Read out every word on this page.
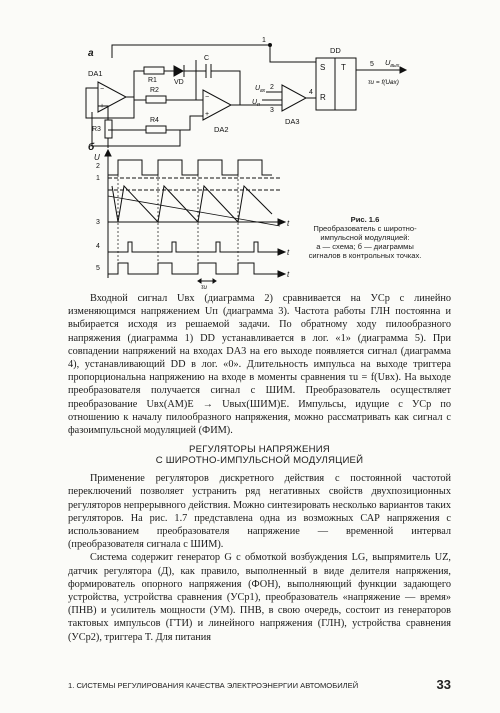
а
DA1
−
+
DA2
−
+
DA3
DD
S T
R
R1
R2
R3
R4
VD
C
1
2
3
4
5 $U_{вых}$
τu = f(Uвх)
$U_{вх}$
$U_п$
б
U
2
1
3	t
4
t
5
t
τu
Рис. 1.6
Преобразователь с широтно-импульсной модуляцией:
а — схема; б — диаграммы сигналов в контрольных точках.

Входной сигнал Uвх (диаграмма 2) сравнивается на УСр с линейно изменяющимся напряжением Uп (диаграмма 3). Частота работы ГЛН постоянна и выбирается исходя из решаемой задачи. По обратному ходу пилообразного напряжения (диаграмма 1) DD устанавливается в лог. «1» (диаграмма 5). При совпадении напряжений на входах DA3 на его выходе появляется сигнал (диаграмма 4), устанавливающий DD в лог. «0». Длительность импульса на выходе триггера пропорциональна напряжению на входе в моменты сравнения τu = f(Uвх). На выходе преобразователя получается сигнал с ШИМ. Преобразователь осуществляет преобразование Uвх(АМ)E → Uвых(ШИМ)E. Импульсы, идущие с УСр по отношению к началу пилообразного напряжения, можно рассматривать как сигнал с фазоимпульсной модуляцией (ФИМ).

РЕГУЛЯТОРЫ НАПРЯЖЕНИЯ
С ШИРОТНО-ИМПУЛЬСНОЙ МОДУЛЯЦИЕЙ

Применение регуляторов дискретного действия с постоянной частотой переключений позволяет устранить ряд негативных свойств двухпозиционных регуляторов непрерывного действия. Можно синтезировать несколько вариантов таких регуляторов. На рис. 1.7 представлена одна из возможных САР напряжения с использованием преобразователя напряжение — временной интервал (преобразователя сигнала с ШИМ).

Система содержит генератор G с обмоткой возбуждения LG, выпрямитель UZ, датчик регулятора (Д), как правило, выполненный в виде делителя напряжения, формирователь опорного напряжения (ФОН), выполняющий функции задающего устройства, устройства сравнения (УСр1), преобразователь «напряжение — время» (ПНВ) и усилитель мощности (УМ). ПНВ, в свою очередь, состоит из генераторов тактовых импульсов (ГТИ) и линейного напряжения (ГЛН), устройства сравнения (УСр2), триггера T. Для питания

1. СИСТЕМЫ РЕГУЛИРОВАНИЯ КАЧЕСТВА ЭЛЕКТРОЭНЕРГИИ АВТОМОБИЛЕЙ	33
